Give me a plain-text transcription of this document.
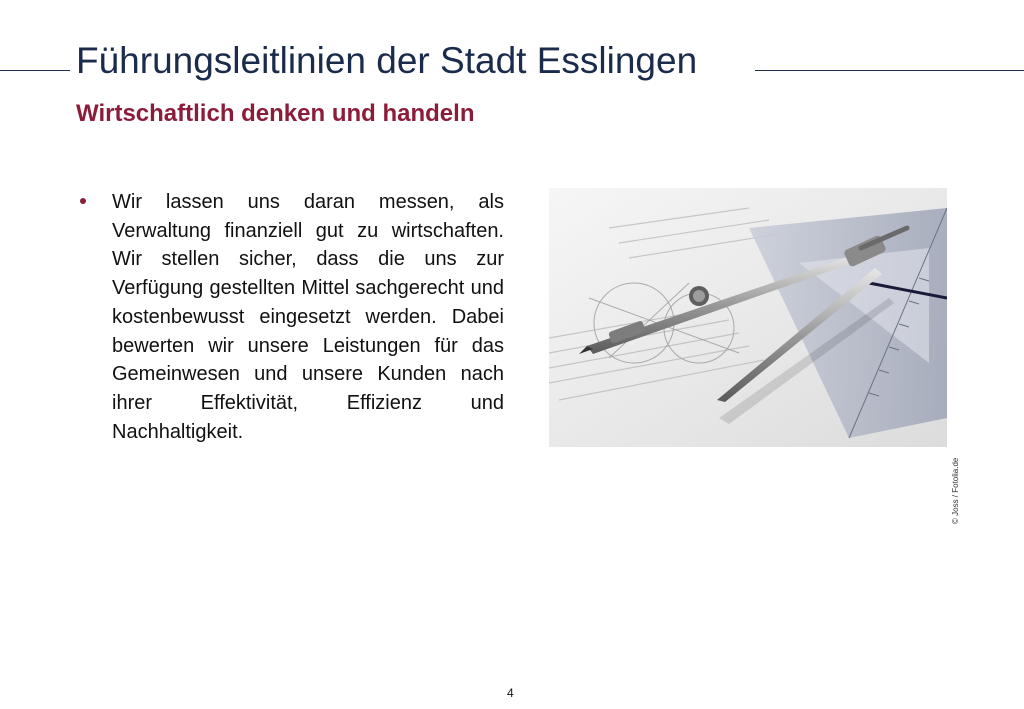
Führungsleitlinien der Stadt Esslingen
Wirtschaftlich denken und handeln

Wir lassen uns daran messen, als Verwaltung finanziell gut zu wirtschaften. Wir stellen sicher, dass die uns zur Verfügung gestellten Mittel sachgerecht und kostenbewusst eingesetzt werden. Dabei bewerten wir unsere Leistungen für das Gemeinwesen und unsere Kunden nach ihrer Effektivität, Effizienz und Nachhaltigkeit.

© Joss / Fotolia.de
4
